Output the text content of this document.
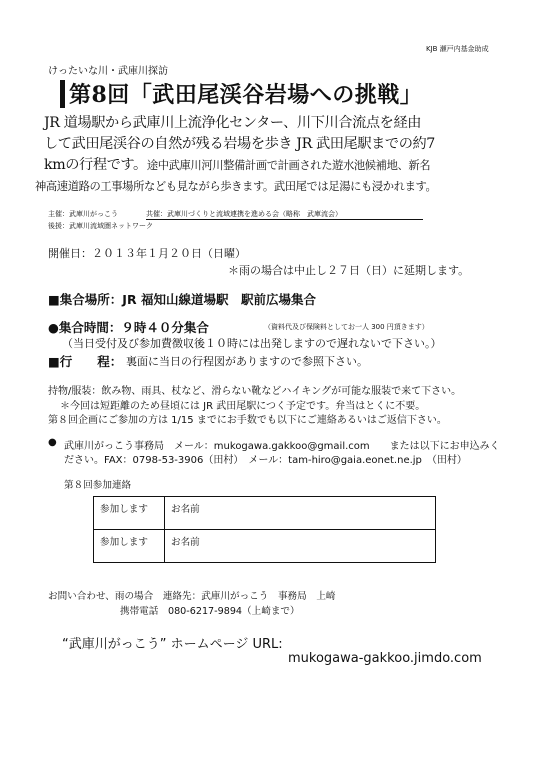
KJB 瀬戸内基金助成
けったいな川・武庫川探訪
第8回「武田尾渓谷岩場への挑戦」
JR 道場駅から武庫川上流浄化センター、川下川合流点を経由
して武田尾渓谷の自然が残る岩場を歩き JR 武田尾駅までの約7
kmの行程です。途中武庫川河川整備計画で計画された遊水池候補地、新名
神高速道路の工事場所なども見ながら歩きます。武田尾では足湯にも浸かれます。
主催：武庫川がっこう	共催：武庫川づくりと流域連携を進める会（略称　武庫流会）
後援：武庫川流域圏ネットワーク
開催日：２０１３年１月２０日（日曜）
＊雨の場合は中止し２７日（日）に延期します。
■集合場所：JR 福知山線道場駅　駅前広場集合
●集合時間：９時４０分集合	（資料代及び保険料としてお一人 300 円頂きます）
（当日受付及び参加費徴収後１０時には出発しますので遅れないで下さい。）
■行　　程： 裏面に当日の行程図がありますので参照下さい。
持物/服装：飲み物、雨具、杖など、滑らない靴などハイキングが可能な服装で来て下さい。
＊今回は短距離のため昼頃には JR 武田尾駅につく予定です。弁当はとくに不要。
第８回企画にご参加の方は 1/15 までにお手数でも以下にご連絡あるいはご返信下さい。
● 武庫川がっこう事務局　メール：mukogawa.gakkoo@gmail.com　　または以下にお申込みく
ださい。FAX：0798-53-3906（田村）　メール：tam-hiro@gaia.eonet.ne.jp　（田村）
第８回参加連絡
参加します	お名前
参加します	お名前
お問い合わせ、雨の場合　連絡先：武庫川がっこう　事務局　上崎
携帯電話　080-6217-9894（上崎まで）
“武庫川がっこう” ホームページ URL:
mukogawa-gakkoo.jimdo.com
